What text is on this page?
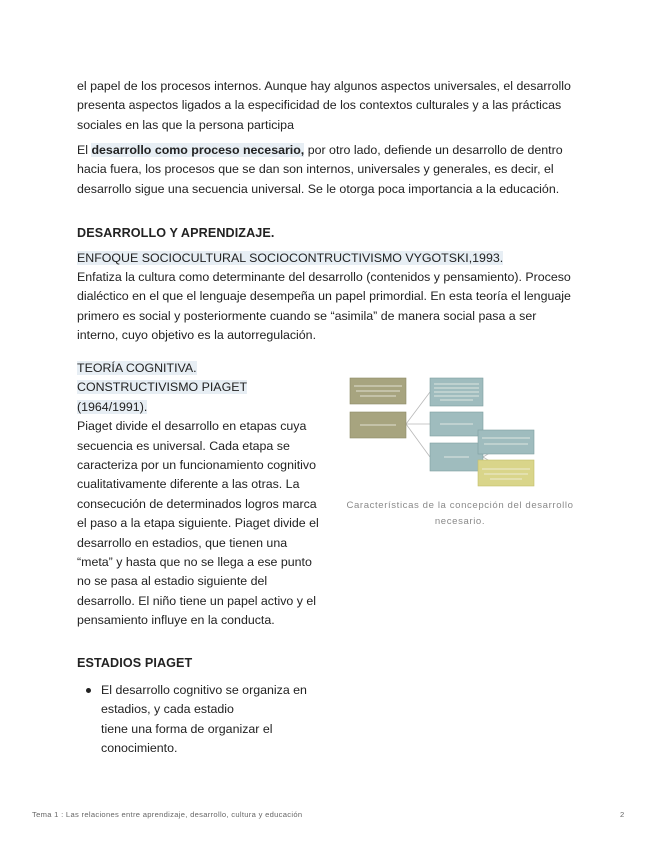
el papel de los procesos internos. Aunque hay algunos aspectos universales, el desarrollo presenta aspectos ligados a la especificidad de los contextos culturales y a las prácticas sociales en las que la persona participa

El desarrollo como proceso necesario, por otro lado, defiende un desarrollo de dentro hacia fuera, los procesos que se dan son internos, universales y generales, es decir, el desarrollo sigue una secuencia universal. Se le otorga poca importancia a la educación.

DESARROLLO Y APRENDIZAJE.

ENFOQUE SOCIOCULTURAL SOCIOCONTRUCTIVISMO VYGOTSKI,1993.

Enfatiza la cultura como determinante del desarrollo (contenidos y pensamiento). Proceso dialéctico en el que el lenguaje desempeña un papel primordial. En esta teoría el lenguaje primero es social y posteriormente cuando se “asimila” de manera social pasa a ser interno, cuyo objetivo es la autorregulación.

TEORÍA COGNITIVA.
CONSTRUCTIVISMO PIAGET
(1964/1991).
Piaget divide el desarrollo en etapas cuya secuencia es universal. Cada etapa se caracteriza por un funcionamiento cognitivo cualitativamente diferente a las otras. La consecución de determinados logros marca el paso a la etapa siguiente. Piaget divide el desarrollo en estadios, que tienen una “meta” y hasta que no se llega a ese punto no se pasa al estadio siguiente del desarrollo. El niño tiene un papel activo y el pensamiento influye en la conducta.

ESTADIOS PIAGET

El desarrollo cognitivo se organiza en estadios, y cada estadio
tiene una forma de organizar el conocimiento.
Características de la concepción del desarrollo necesario.
Tema 1 : Las relaciones entre aprendizaje, desarrollo, cultura y educación	2
